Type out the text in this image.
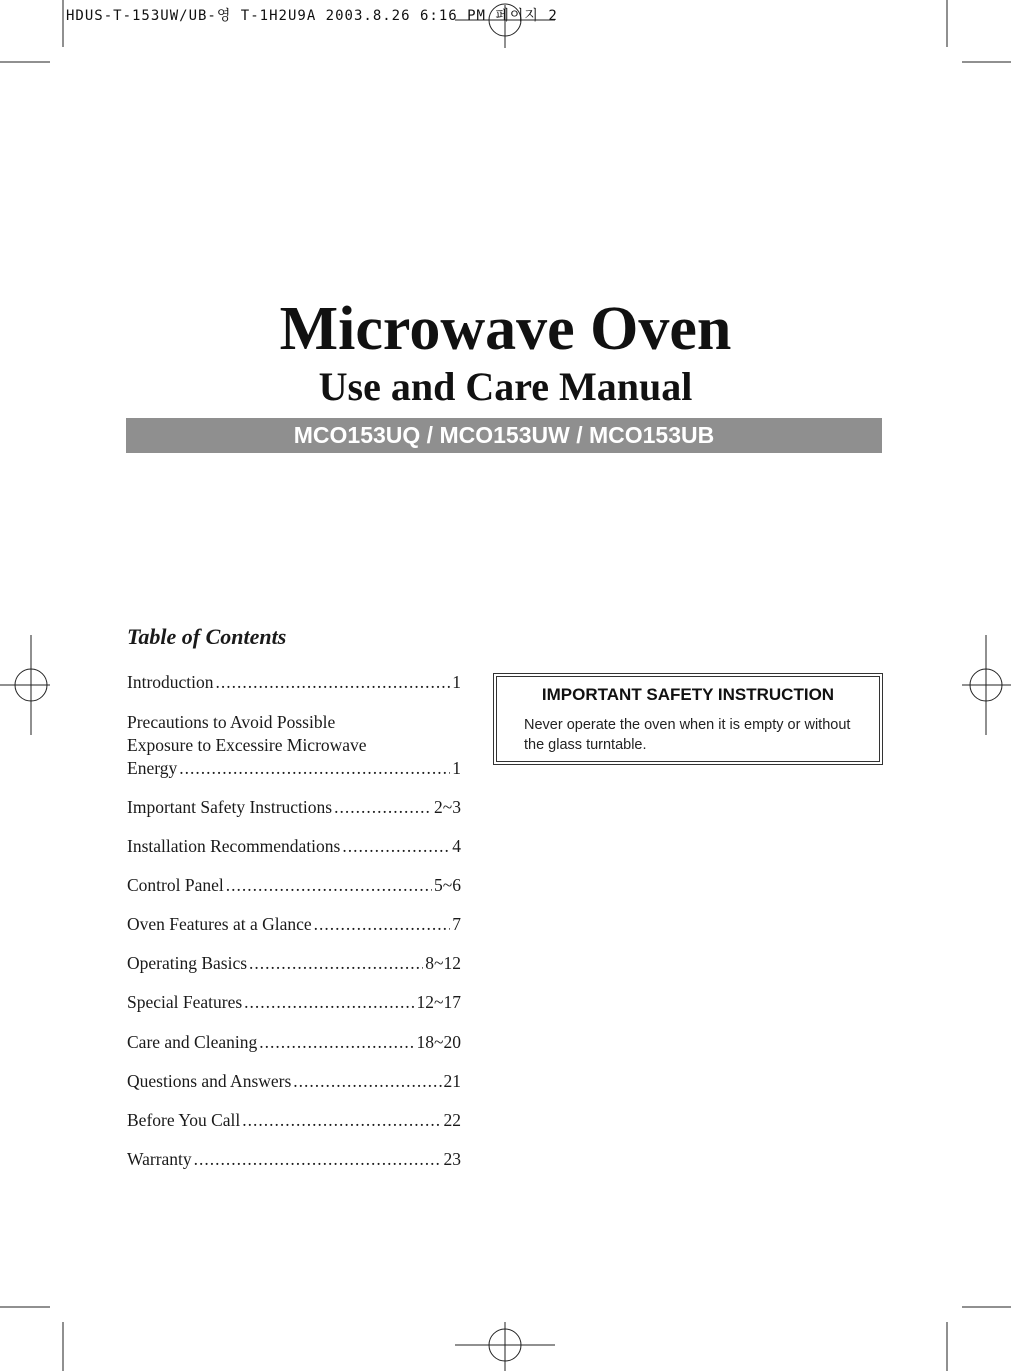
HDUS-T-153UW/UB-영 T-1H2U9A 2003.8.26 6:16 PM 페이지 2
Microwave Oven
Use and Care Manual
MCO153UQ / MCO153UW / MCO153UB
Table of Contents
Introduction .....	1
Precautions to Avoid Possible
Exposure to Excessire Microwave
Energy .....	1
Important Safety Instructions .....	2~3
Installation Recommendations .....	4
Control Panel .....	5~6
Oven Features at a Glance .....	7
Operating Basics .....	8~12
Special Features .....	12~17
Care and Cleaning .....	18~20
Questions and Answers .....	21
Before You Call .....	22
Warranty .....	23
IMPORTANT SAFETY INSTRUCTION
Never operate the oven when it is empty or without the glass turntable.
